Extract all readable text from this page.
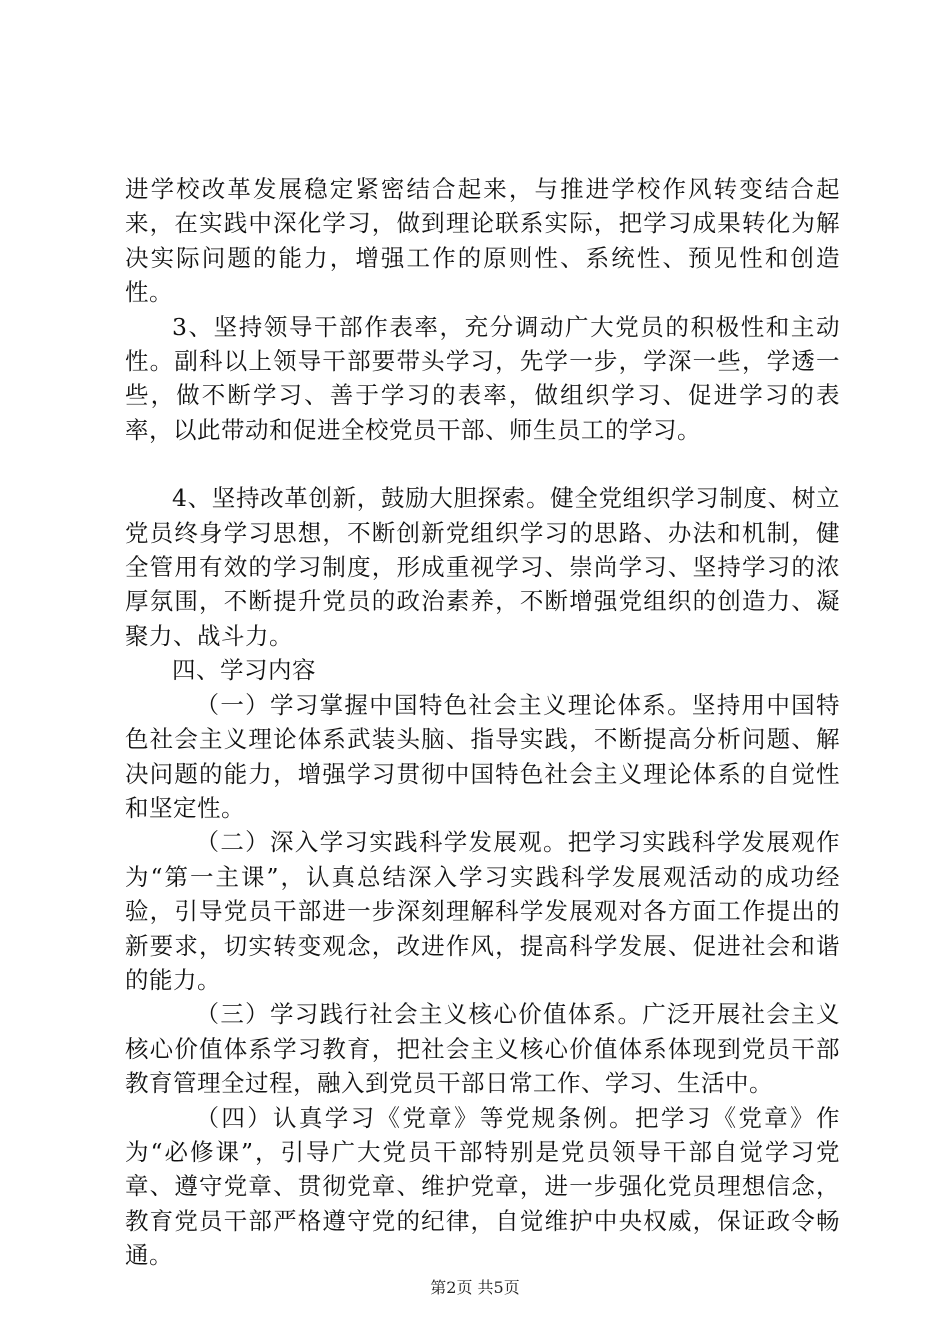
进学校改革发展稳定紧密结合起来，与推进学校作风转变结合起来，在实践中深化学习，做到理论联系实际，把学习成果转化为解决实际问题的能力，增强工作的原则性、系统性、预见性和创造性。

3、坚持领导干部作表率，充分调动广大党员的积极性和主动性。副科以上领导干部要带头学习，先学一步，学深一些，学透一些，做不断学习、善于学习的表率，做组织学习、促进学习的表率，以此带动和促进全校党员干部、师生员工的学习。

4、坚持改革创新，鼓励大胆探索。健全党组织学习制度、树立党员终身学习思想，不断创新党组织学习的思路、办法和机制，健全管用有效的学习制度，形成重视学习、崇尚学习、坚持学习的浓厚氛围，不断提升党员的政治素养，不断增强党组织的创造力、凝聚力、战斗力。

四、学习内容

（一）学习掌握中国特色社会主义理论体系。坚持用中国特色社会主义理论体系武装头脑、指导实践，不断提高分析问题、解决问题的能力，增强学习贯彻中国特色社会主义理论体系的自觉性和坚定性。

（二）深入学习实践科学发展观。把学习实践科学发展观作为“第一主课”，认真总结深入学习实践科学发展观活动的成功经验，引导党员干部进一步深刻理解科学发展观对各方面工作提出的新要求，切实转变观念，改进作风，提高科学发展、促进社会和谐的能力。

（三）学习践行社会主义核心价值体系。广泛开展社会主义核心价值体系学习教育，把社会主义核心价值体系体现到党员干部教育管理全过程，融入到党员干部日常工作、学习、生活中。

（四）认真学习《党章》等党规条例。把学习《党章》作为“必修课”，引导广大党员干部特别是党员领导干部自觉学习党章、遵守党章、贯彻党章、维护党章，进一步强化党员理想信念，教育党员干部严格遵守党的纪律，自觉维护中央权威，保证政令畅通。

第2页 共5页
